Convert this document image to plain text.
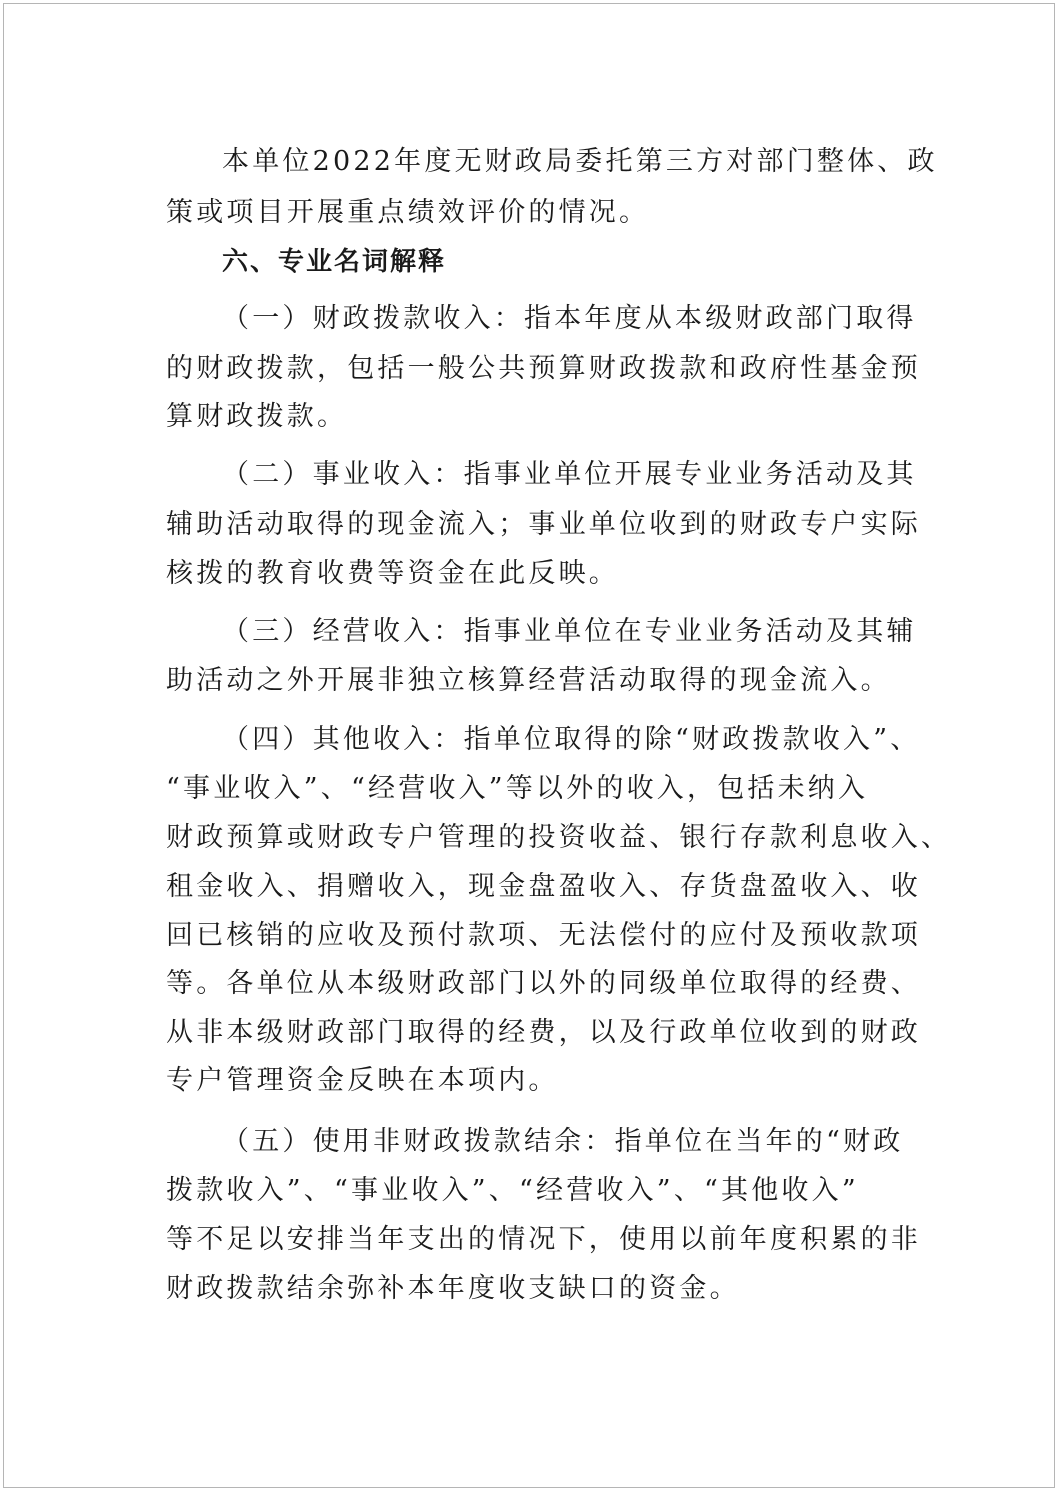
本单位2022年度无财政局委托第三方对部门整体、政
策或项目开展重点绩效评价的情况。
六、专业名词解释
（一）财政拨款收入：指本年度从本级财政部门取得
的财政拨款，包括一般公共预算财政拨款和政府性基金预
算财政拨款。
（二）事业收入：指事业单位开展专业业务活动及其
辅助活动取得的现金流入；事业单位收到的财政专户实际
核拨的教育收费等资金在此反映。
（三）经营收入：指事业单位在专业业务活动及其辅
助活动之外开展非独立核算经营活动取得的现金流入。
（四）其他收入：指单位取得的除“财政拨款收入”、
“事业收入”、“经营收入”等以外的收入，包括未纳入
财政预算或财政专户管理的投资收益、银行存款利息收入、
租金收入、捐赠收入，现金盘盈收入、存货盘盈收入、收
回已核销的应收及预付款项、无法偿付的应付及预收款项
等。各单位从本级财政部门以外的同级单位取得的经费、
从非本级财政部门取得的经费，以及行政单位收到的财政
专户管理资金反映在本项内。
（五）使用非财政拨款结余：指单位在当年的“财政
拨款收入”、“事业收入”、“经营收入”、“其他收入”
等不足以安排当年支出的情况下，使用以前年度积累的非
财政拨款结余弥补本年度收支缺口的资金。
